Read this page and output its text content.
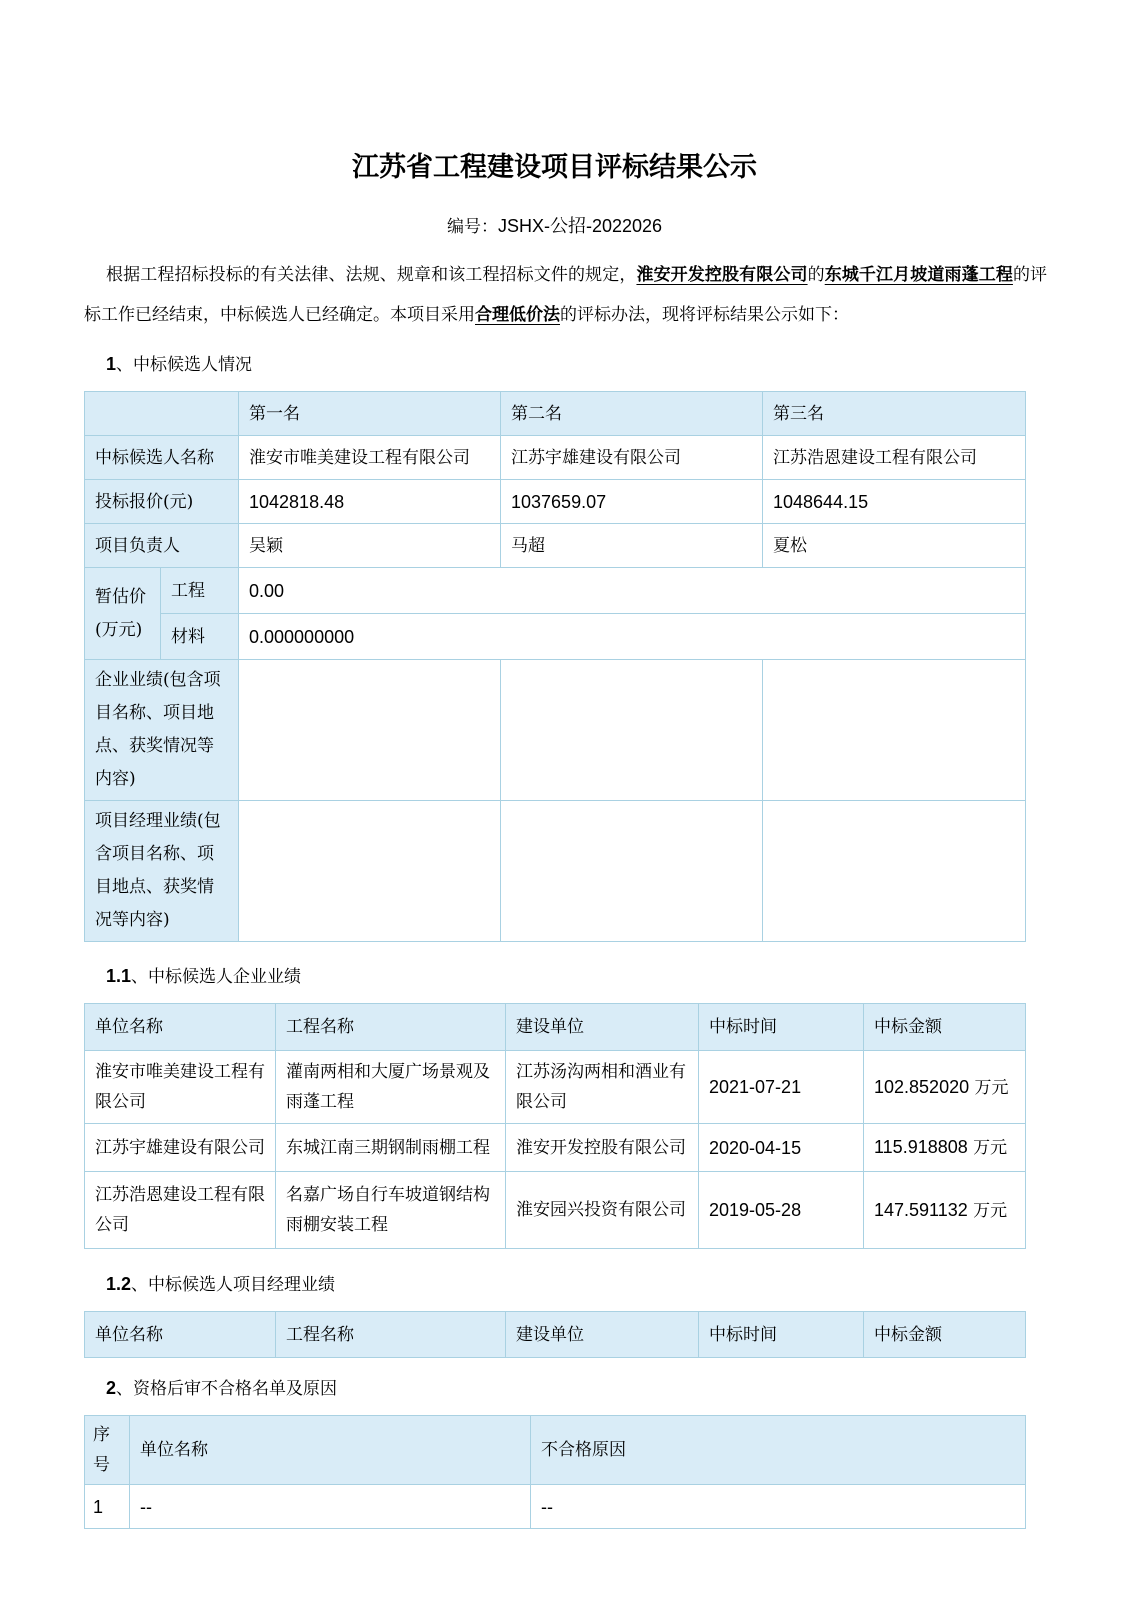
江苏省工程建设项目评标结果公示
编号：JSHX-公招-2022026

根据工程招标投标的有关法律、法规、规章和该工程招标文件的规定，淮安开发控股有限公司的东城千江月坡道雨蓬工程的评标工作已经结束，中标候选人已经确定。本项目采用合理低价法的评标办法，现将评标结果公示如下：

1、中标候选人情况
		第一名	第二名	第三名
中标候选人名称		淮安市唯美建设工程有限公司	江苏宇雄建设有限公司	江苏浩恩建设工程有限公司
投标报价(元)		1042818.48	1037659.07	1048644.15
项目负责人		吴颖	马超	夏松
暂估价
(万元)	工程	0.00		
	材料	0.000000000		
企业业绩(包含项目名称、项目地点、获奖情况等内容)				
项目经理业绩(包含项目名称、项目地点、获奖情况等内容)				
1.1、中标候选人企业业绩
单位名称	工程名称	建设单位	中标时间	中标金额
淮安市唯美建设工程有限公司	灌南两相和大厦广场景观及雨蓬工程	江苏汤沟两相和酒业有限公司	2021-07-21	102.852020 万元
江苏宇雄建设有限公司	东城江南三期钢制雨棚工程	淮安开发控股有限公司	2020-04-15	115.918808 万元
江苏浩恩建设工程有限公司	名嘉广场自行车坡道钢结构雨棚安装工程	淮安园兴投资有限公司	2019-05-28	147.591132 万元
1.2、中标候选人项目经理业绩
单位名称	工程名称	建设单位	中标时间	中标金额
2、资格后审不合格名单及原因
序号	单位名称	不合格原因
1	--	--
